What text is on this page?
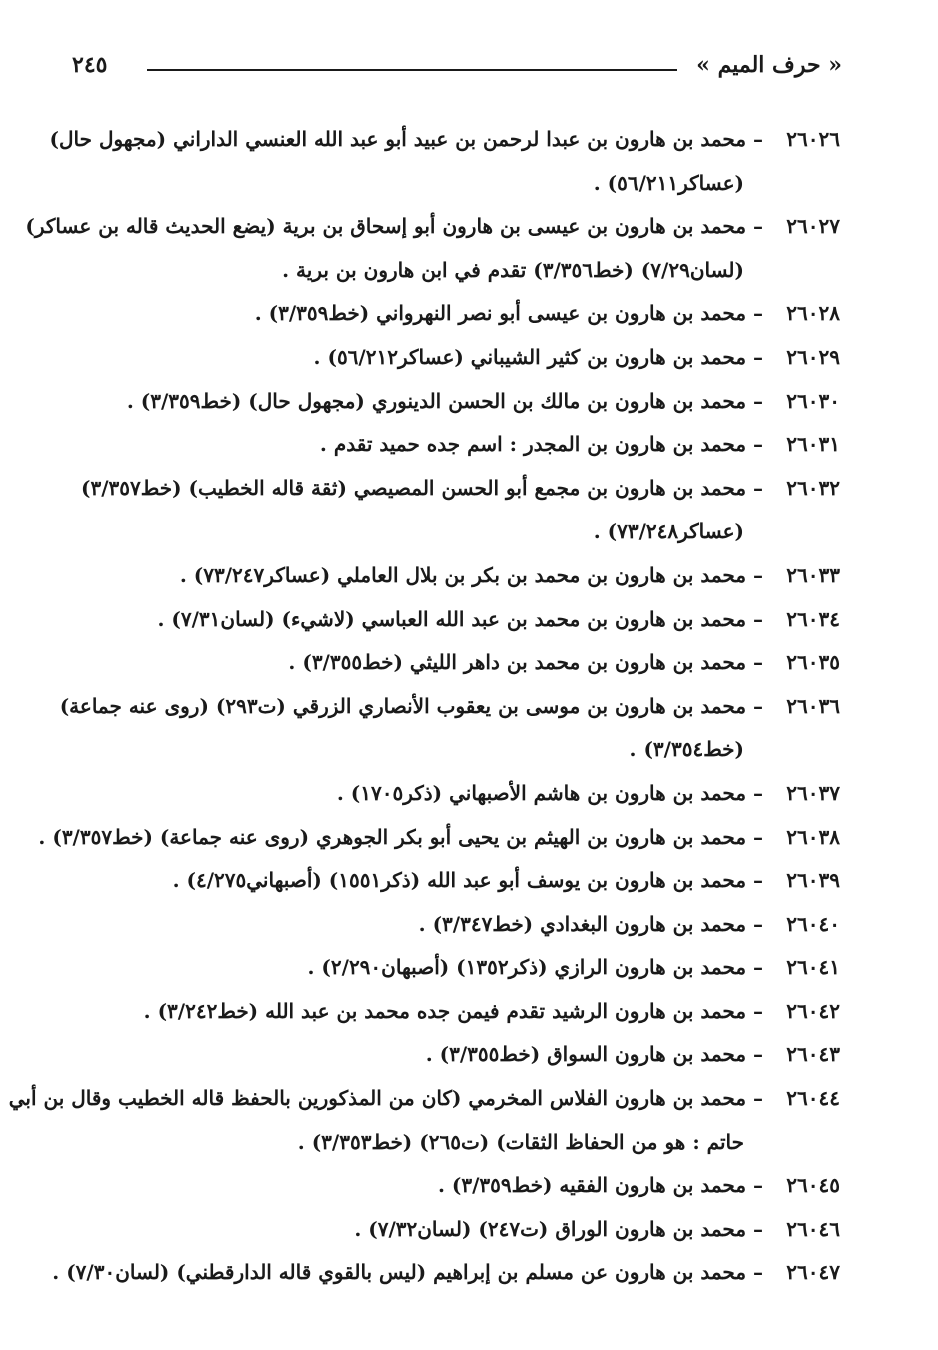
« حرف الميم »
٢٤٥
٢٦٠٢٦ – محمد بن هارون بن عبدا لرحمن بن عبيد أبو عبد الله العنسي الداراني (مجهول حال)
(عساكر٥٦/٢١١) .
٢٦٠٢٧ – محمد بن هارون بن عيسى بن هارون أبو إسحاق بن برية (يضع الحديث قاله بن عساكر)
(لسان٧/٢٩) (خط٣/٣٥٦) تقدم في ابن هارون بن برية .
٢٦٠٢٨ – محمد بن هارون بن عيسى أبو نصر النهرواني (خط٣/٣٥٩) .
٢٦٠٢٩ – محمد بن هارون بن كثير الشيباني (عساكر٥٦/٢١٢) .
٢٦٠٣٠ – محمد بن هارون بن مالك بن الحسن الدينوري (مجهول حال) (خط٣/٣٥٩) .
٢٦٠٣١ – محمد بن هارون بن المجدر : اسم جده حميد تقدم .
٢٦٠٣٢ – محمد بن هارون بن مجمع أبو الحسن المصيصي (ثقة قاله الخطيب) (خط٣/٣٥٧)
(عساكر٧٣/٢٤٨) .
٢٦٠٣٣ – محمد بن هارون بن محمد بن بكر بن بلال العاملي (عساكر٧٣/٢٤٧) .
٢٦٠٣٤ – محمد بن هارون بن محمد بن عبد الله العباسي (لاشيء) (لسان٧/٣١) .
٢٦٠٣٥ – محمد بن هارون بن محمد بن داهر الليثي (خط٣/٣٥٥) .
٢٦٠٣٦ – محمد بن هارون بن موسى بن يعقوب الأنصاري الزرقي (ت٢٩٣) (روى عنه جماعة)
(خط٣/٣٥٤) .
٢٦٠٣٧ – محمد بن هارون بن هاشم الأصبهاني (ذكر١٧٠٥) .
٢٦٠٣٨ – محمد بن هارون بن الهيثم بن يحيى أبو بكر الجوهري (روى عنه جماعة) (خط٣/٣٥٧) .
٢٦٠٣٩ – محمد بن هارون بن يوسف أبو عبد الله (ذكر١٥٥١) (أصبهاني٤/٢٧٥) .
٢٦٠٤٠ – محمد بن هارون البغدادي (خط٣/٣٤٧) .
٢٦٠٤١ – محمد بن هارون الرازي (ذكر١٣٥٢) (أصبهان٢/٢٩٠) .
٢٦٠٤٢ – محمد بن هارون الرشيد تقدم فيمن جده محمد بن عبد الله (خط٣/٢٤٢) .
٢٦٠٤٣ – محمد بن هارون السواق (خط٣/٣٥٥) .
٢٦٠٤٤ – محمد بن هارون الفلاس المخرمي (كان من المذكورين بالحفظ قاله الخطيب وقال بن أبي
حاتم : هو من الحفاظ الثقات) (ت٢٦٥) (خط٣/٣٥٣) .
٢٦٠٤٥ – محمد بن هارون الفقيه (خط٣/٣٥٩) .
٢٦٠٤٦ – محمد بن هارون الوراق (ت٢٤٧) (لسان٧/٣٢) .
٢٦٠٤٧ – محمد بن هارون عن مسلم بن إبراهيم (ليس بالقوي قاله الدارقطني) (لسان٧/٣٠) .
